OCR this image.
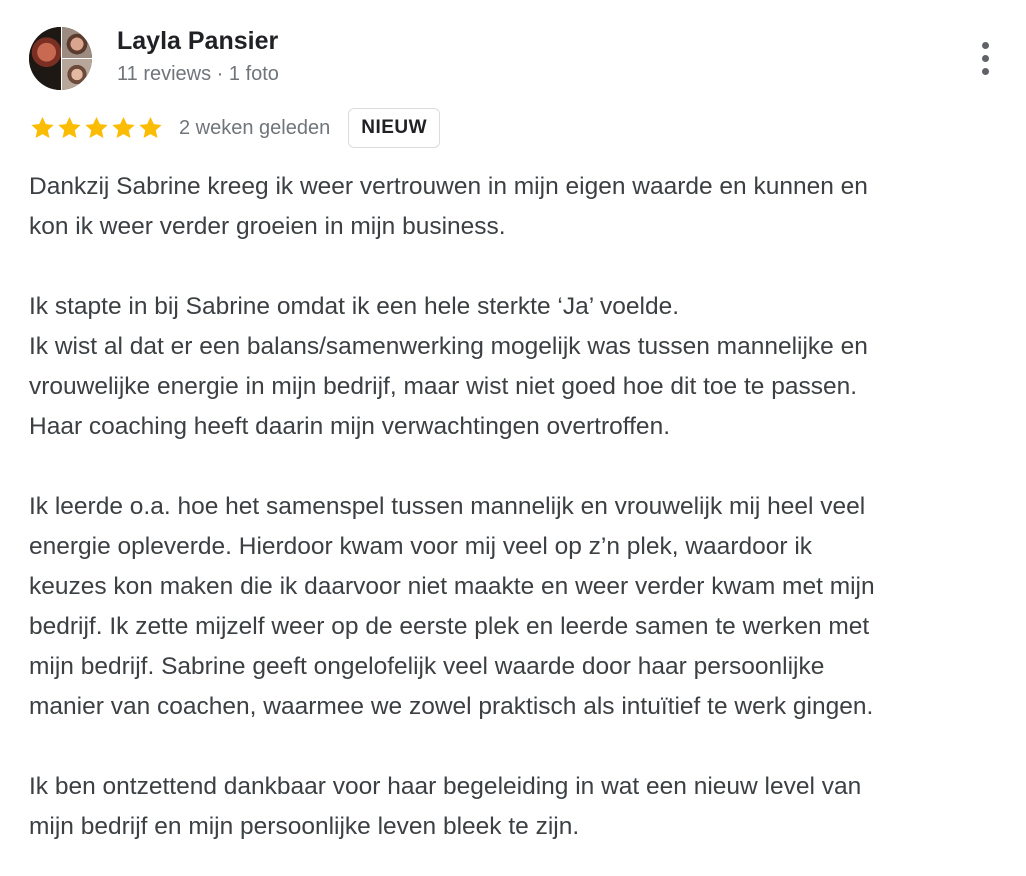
Layla Pansier
11 reviews · 1 foto
2 weken geleden	NIEUW

Dankzij Sabrine kreeg ik weer vertrouwen in mijn eigen waarde en kunnen en
kon ik weer verder groeien in mijn business.

Ik stapte in bij Sabrine omdat ik een hele sterkte ‘Ja’ voelde.
Ik wist al dat er een balans/samenwerking mogelijk was tussen mannelijke en
vrouwelijke energie in mijn bedrijf, maar wist niet goed hoe dit toe te passen.
Haar coaching heeft daarin mijn verwachtingen overtroffen.

Ik leerde o.a. hoe het samenspel tussen mannelijk en vrouwelijk mij heel veel
energie opleverde. Hierdoor kwam voor mij veel op z’n plek, waardoor ik
keuzes kon maken die ik daarvoor niet maakte en weer verder kwam met mijn
bedrijf. Ik zette mijzelf weer op de eerste plek en leerde samen te werken met
mijn bedrijf. Sabrine geeft ongelofelijk veel waarde door haar persoonlijke
manier van coachen, waarmee we zowel praktisch als intuïtief te werk gingen.

Ik ben ontzettend dankbaar voor haar begeleiding in wat een nieuw level van
mijn bedrijf en mijn persoonlijke leven bleek te zijn.
